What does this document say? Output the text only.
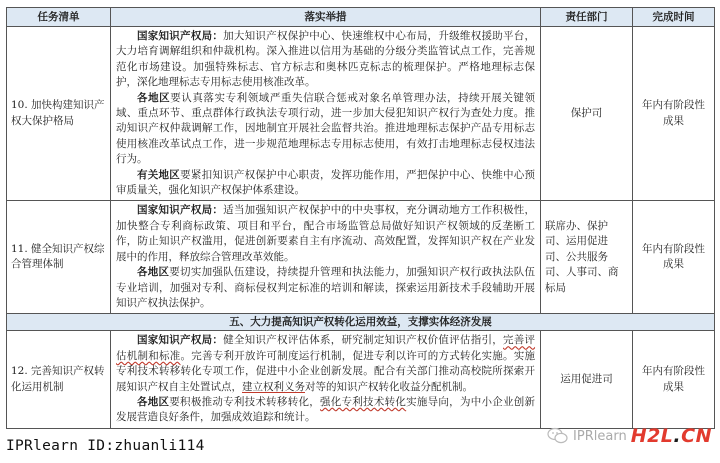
任务清单	落实举措	责任部门	完成时间
10. 加快构建知识产权大保护格局	国家知识产权局：加大知识产权保护中心、快速维权中心布局，升级维权援助平台，大力培育调解组织和仲裁机构。深入推进以信用为基础的分级分类监管试点工作，完善规范化市场建设。加强特殊标志、官方标志和奥林匹克标志的梳理保护。严格地理标志保护，深化地理标志专用标志使用核准改革。

各地区要认真落实专利领域严重失信联合惩戒对象名单管理办法，持续开展关键领域、重点环节、重点群体行政执法专项行动，进一步加大侵犯知识产权行为查处力度。推动知识产权仲裁调解工作，因地制宜开展社会监督共治。推进地理标志保护产品专用标志使用核准改革试点工作，进一步规范地理标志专用标志使用，有效打击地理标志侵权违法行为。

有关地区要紧扣知识产权保护中心职责，发挥功能作用，严把保护中心、快维中心预审质量关，强化知识产权保护体系建设。	保护司	年内有阶段性成果
11. 健全知识产权综合管理体制	国家知识产权局：适当加强知识产权保护中的中央事权，充分调动地方工作积极性，加快整合专利商标政策、项目和平台，配合市场监管总局做好知识产权领域的反垄断工作，防止知识产权滥用，促进创新要素自主有序流动、高效配置，发挥知识产权在产业发展中的作用，释放综合管理改革效能。

各地区要切实加强队伍建设，持续提升管理和执法能力，加强知识产权行政执法队伍专业培训，加强对专利、商标侵权判定标准的培训和解读，探索运用新技术手段辅助开展知识产权执法保护。	联席办、保护司、运用促进司、公共服务司、人事司、商标局	年内有阶段性成果
五、大力提高知识产权转化运用效益，支撑实体经济发展			
12. 完善知识产权转化运用机制	国家知识产权局：健全知识产权评估体系，研究制定知识产权价值评估指引，完善评估机制和标准。完善专利开放许可制度运行机制，促进专利以许可的方式转化实施。实施专利技术转移转化专项工作，促进中小企业创新发展。配合有关部门推动高校院所探索开展知识产权自主处置试点，建立权利义务对等的知识产权转化收益分配机制。

各地区要积极推动专利技术转移转化，强化专利技术转化实施导向，为中小企业创新发展营造良好条件，加强成效追踪和统计。	运用促进司	年内有阶段性成果
IPRlearn ID:zhuanli114
IPRlearn H2L.CN
